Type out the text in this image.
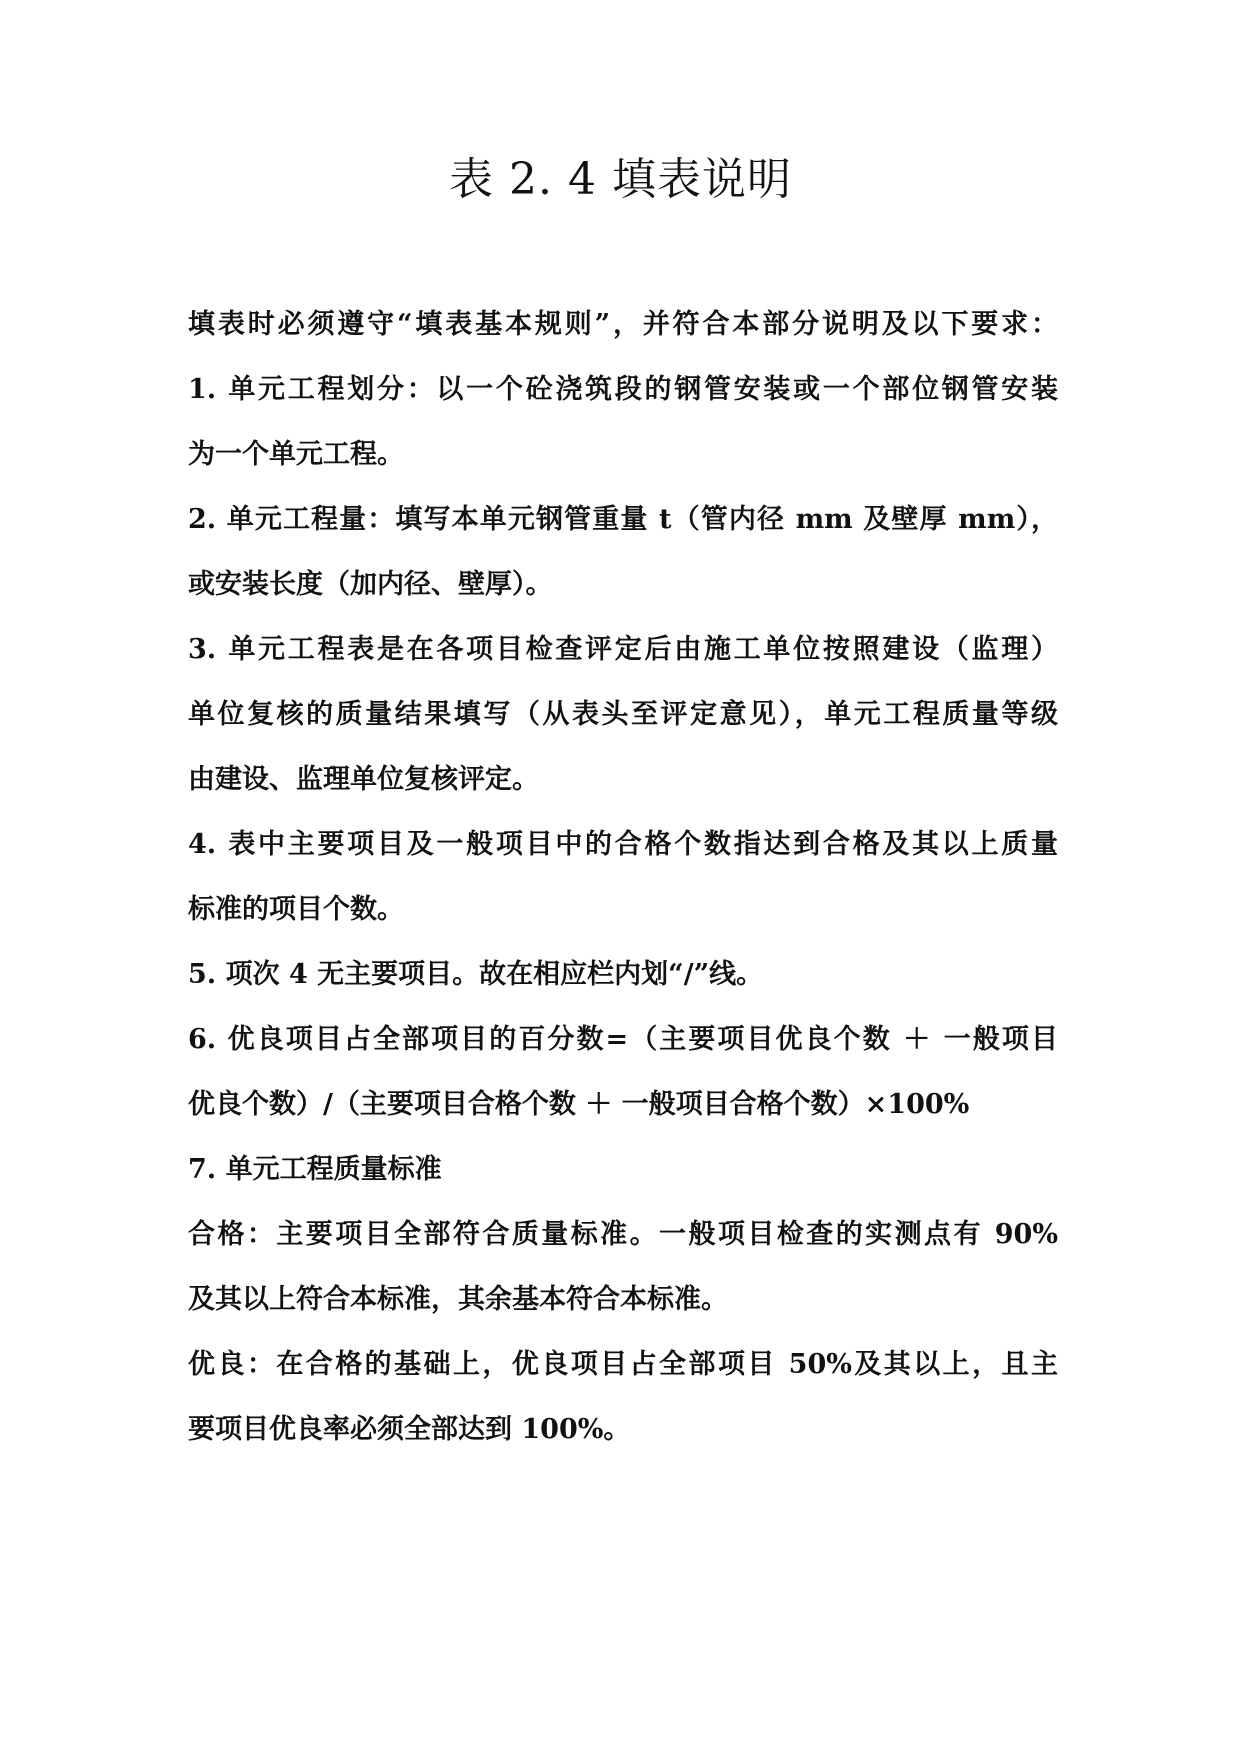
表 2. 4 填表说明

填表时必须遵守“填表基本规则”，并符合本部分说明及以下要求：

1. 单元工程划分：以一个砼浇筑段的钢管安装或一个部位钢管安装

为一个单元工程。

2. 单元工程量：填写本单元钢管重量 t（管内径 mm 及壁厚 mm），

或安装长度（加内径、壁厚）。

3. 单元工程表是在各项目检查评定后由施工单位按照建设（监理）

单位复核的质量结果填写（从表头至评定意见），单元工程质量等级

由建设、监理单位复核评定。

4. 表中主要项目及一般项目中的合格个数指达到合格及其以上质量

标准的项目个数。

5. 项次 4 无主要项目。故在相应栏内划“/”线。

6. 优良项目占全部项目的百分数=（主要项目优良个数 ＋ 一般项目

优良个数）/（主要项目合格个数 ＋ 一般项目合格个数）×100%

7. 单元工程质量标准

合格：主要项目全部符合质量标准。一般项目检查的实测点有 90%

及其以上符合本标准，其余基本符合本标准。

优良：在合格的基础上，优良项目占全部项目 50%及其以上，且主

要项目优良率必须全部达到 100%。
